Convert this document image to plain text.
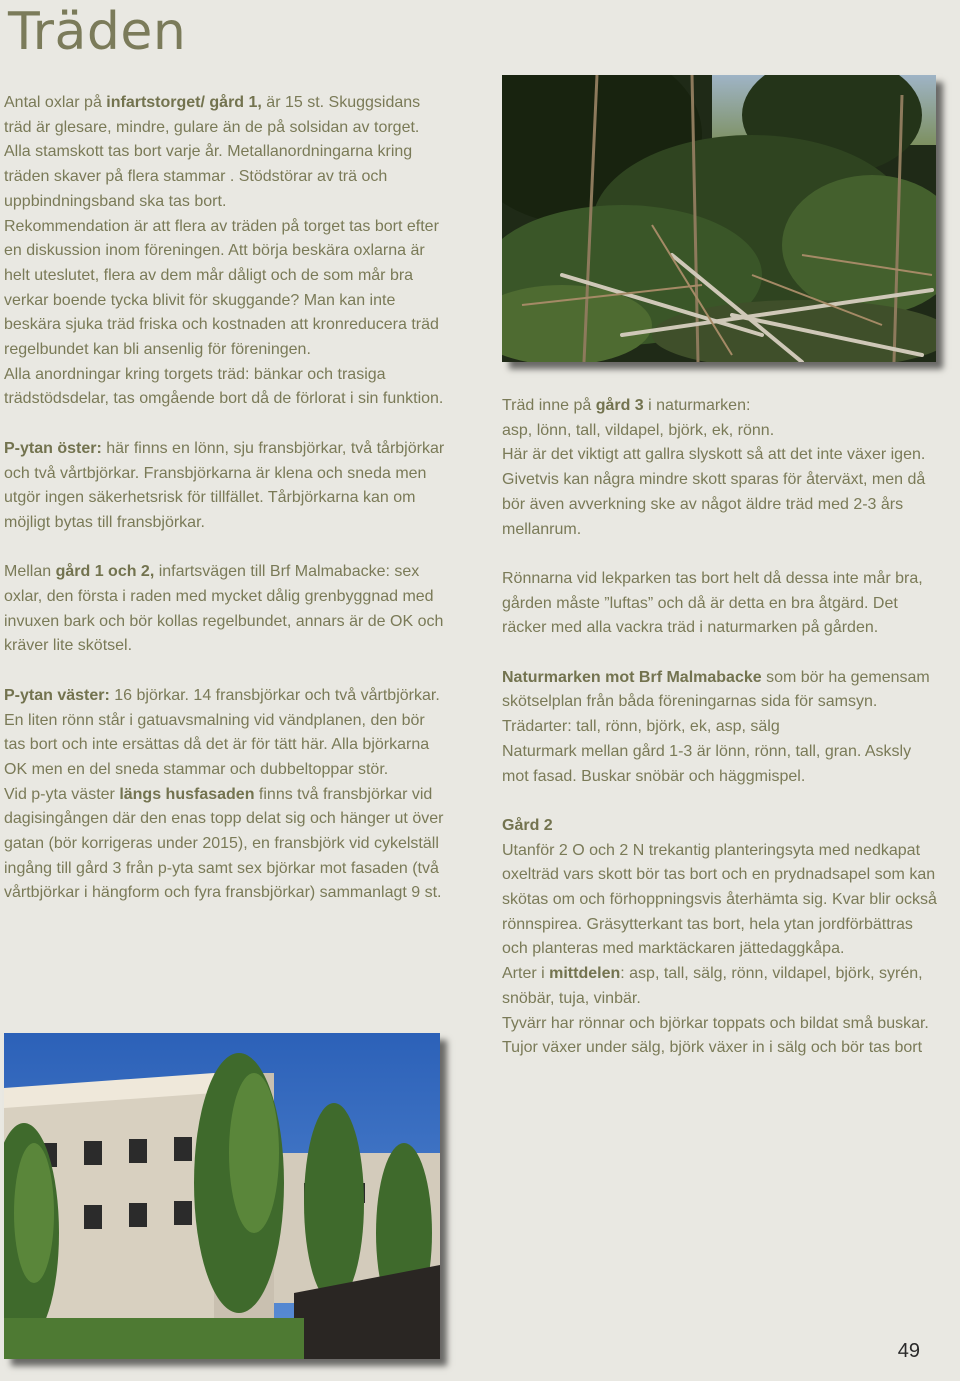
Träden

Antal oxlar på infartstorget/ gård 1, är 15 st. Skuggsidans träd är glesare, mindre, gulare än de på solsidan av torget. Alla stamskott tas bort varje år. Metallanordningarna kring träden skaver på flera stammar . Stödstörar av trä och uppbindningsband ska tas bort.

Rekommendation är att flera av träden på torget tas bort efter en diskussion inom föreningen. Att börja beskära oxlarna är helt uteslutet, flera av dem mår dåligt och de som mår bra verkar boende tycka blivit för skuggande? Man kan inte beskära sjuka träd friska och kostnaden att kronreducera träd regelbundet kan bli ansenlig för föreningen.

Alla anordningar kring torgets träd: bänkar och trasiga trädstödsdelar, tas omgående bort då de förlorat i sin funktion.

P-ytan öster: här finns en lönn, sju fransbjörkar, två tårbjörkar och två vårtbjörkar. Fransbjörkarna är klena och sneda men utgör ingen säkerhetsrisk för tillfället. Tårbjörkarna kan om möjligt bytas till fransbjörkar.

Mellan gård 1 och 2, infartsvägen till Brf Malmabacke: sex oxlar, den första i raden med mycket dålig grenbyggnad med invuxen bark och bör kollas regelbundet, annars är de OK och kräver lite skötsel.

P-ytan väster: 16 björkar. 14 fransbjörkar och två vårtbjörkar. En liten rönn står i gatuavsmalning vid vändplanen, den bör tas bort och inte ersättas då det är för tätt här. Alla björkarna OK men en del sneda stammar och dubbeltoppar stör.

Vid p-yta väster längs husfasaden finns två fransbjörkar vid dagisingången där den enas topp delat sig och hänger ut över gatan (bör korrigeras under 2015), en fransbjörk vid cykelställ ingång till gård 3 från p-yta samt sex björkar mot fasaden (två vårtbjörkar i hängform och fyra fransbjörkar) sammanlagt 9 st.

Träd inne på gård 3 i naturmarken:

asp, lönn, tall, vildapel, björk, ek, rönn.

Här är det viktigt att gallra slyskott så att det inte växer igen. Givetvis kan några mindre skott sparas för återväxt, men då bör även avverkning ske av något äldre träd med 2-3 års mellanrum.

Rönnarna vid lekparken tas bort helt då dessa inte mår bra, gården måste ”luftas” och då är detta en bra åtgärd. Det räcker med alla vackra träd i naturmarken på gården.

Naturmarken mot Brf Malmabacke som bör ha gemensam skötselplan från båda föreningarnas sida för samsyn.

Trädarter: tall, rönn, björk, ek, asp, sälg

Naturmark mellan gård 1-3 är lönn, rönn, tall, gran. Asksly mot fasad. Buskar snöbär och häggmispel.

Gård 2

Utanför 2 O och 2 N trekantig planteringsyta med nedkapat oxelträd vars skott bör tas bort och en prydnadsapel som kan skötas om och förhoppningsvis återhämta sig. Kvar blir också rönnspirea. Gräsytterkant tas bort, hela ytan jordförbättras och planteras med marktäckaren jättedaggkåpa.

Arter i mittdelen: asp, tall, sälg, rönn, vildapel, björk, syrén, snöbär, tuja, vinbär.

Tyvärr har rönnar och björkar toppats och bildat små buskar. Tujor växer under sälg, björk växer in i sälg och bör tas bort

49
